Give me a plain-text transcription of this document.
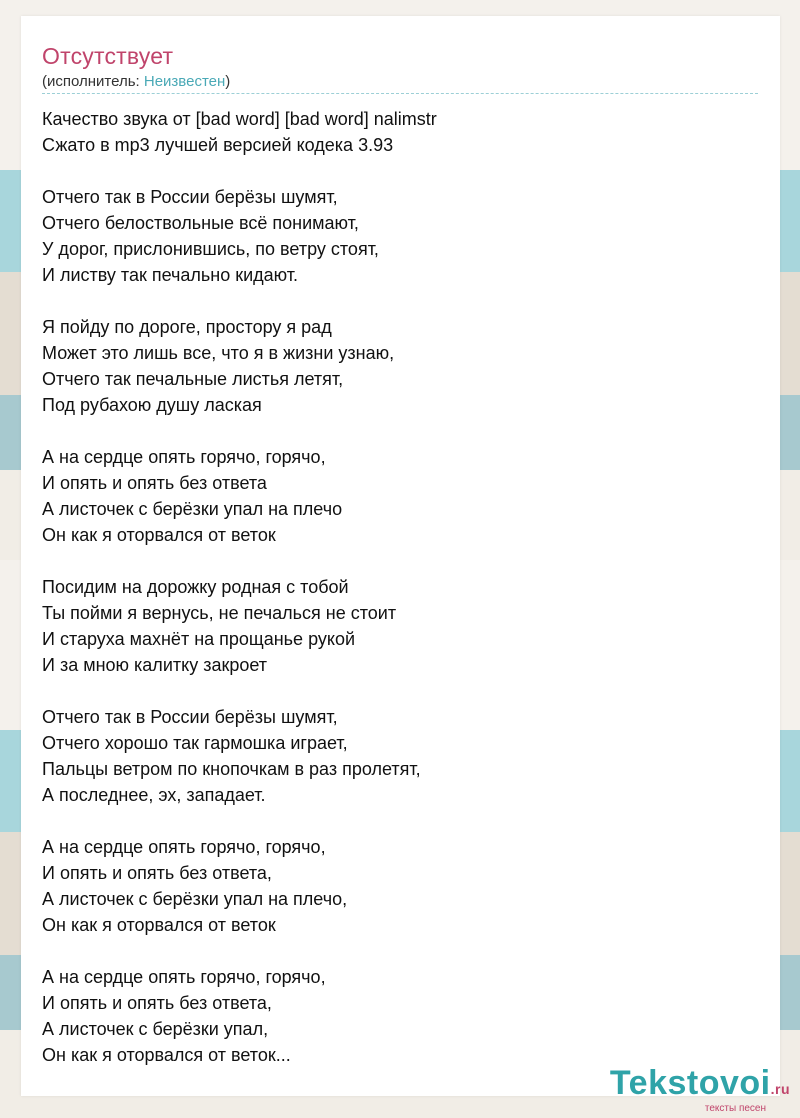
Отсутствует
(исполнитель: Неизвестен)
Качество звука от [bad word] [bad word] nalimstr
Сжато в mp3 лучшей версией кодека 3.93

Отчего так в России берёзы шумят,
Отчего белоствольные всё понимают,
У дорог, прислонившись, по ветру стоят,
И листву так печально кидают.

Я пойду по дороге, простору я рад
Может это лишь все, что я в жизни узнаю,
Отчего так печальные листья летят,
Под рубахою душу лаская

А на сердце опять горячо, горячо,
И опять и опять без ответа
А листочек с берёзки упал на плечо
Он как я оторвался от веток

Посидим на дорожку родная с тобой
Ты пойми я вернусь, не печалься не стоит
И старуха махнёт на прощанье рукой
И за мною калитку закроет

Отчего так в России берёзы шумят,
Отчего хорошо так гармошка играет,
Пальцы ветром по кнопочкам в раз пролетят,
А последнее, эх, западает.

А на сердце опять горячо, горячо,
И опять и опять без ответа,
А листочек с берёзки упал на плечо,
Он как я оторвался от веток

А на сердце опять горячо, горячо,
И опять и опять без ответа,
А листочек с берёзки упал,
Он как я оторвался от веток...
Tekstovoi.ru
тексты песен
